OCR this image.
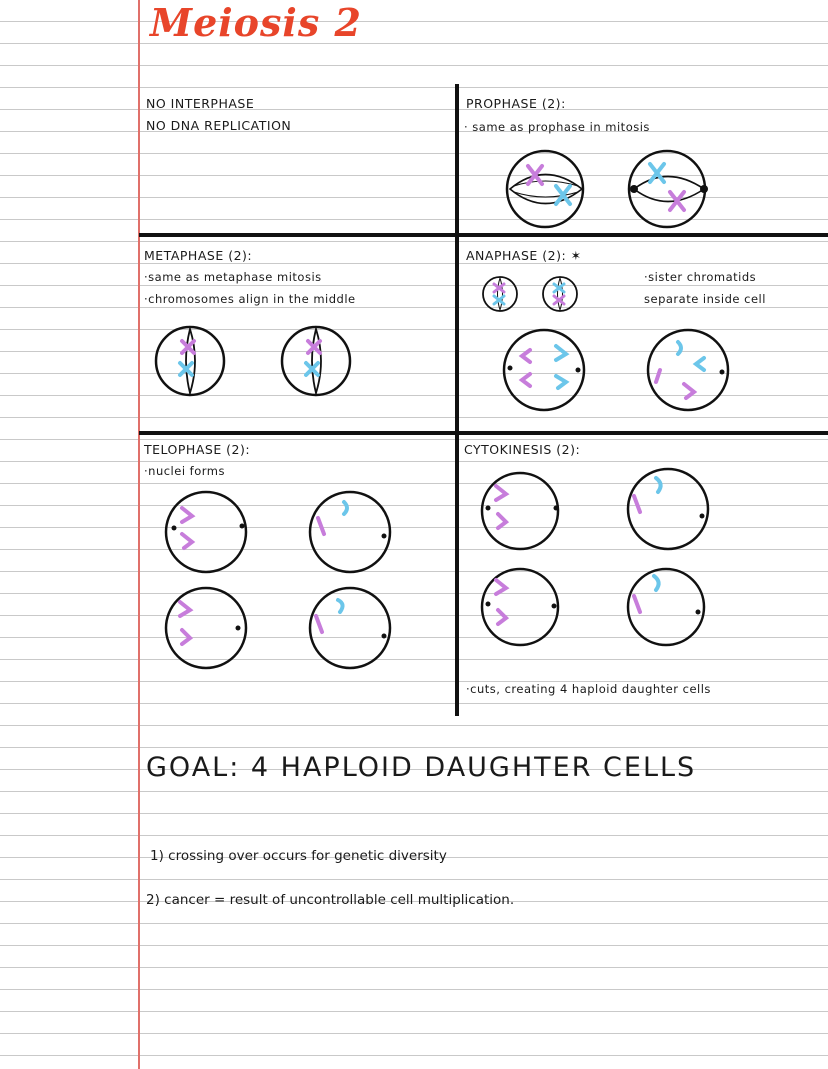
Meiosis 2
NO INTERPHASE
NO DNA REPLICATION
PROPHASE (2):
· same as prophase in mitosis
METAPHASE (2):
·same as metaphase mitosis
·chromosomes align in the middle
ANAPHASE (2): ✶
·sister chromatids
separate inside cell
TELOPHASE (2):
·nuclei forms
CYTOKINESIS (2):
·cuts, creating 4 haploid daughter cells
GOAL: 4 HAPLOID DAUGHTER CELLS
1) crossing over occurs for genetic diversity
2) cancer = result of uncontrollable cell multiplication.
